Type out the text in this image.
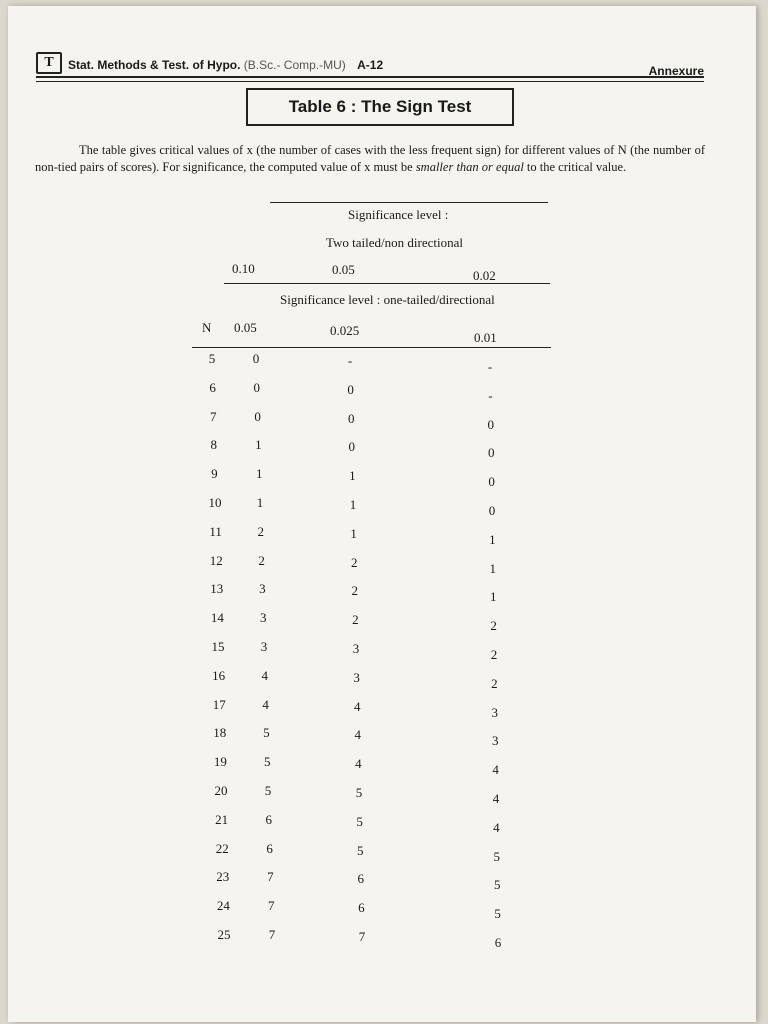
T	Stat. Methods & Test. of Hypo. (B.Sc.- Comp.-MU) A-12	Annexure
Table 6 : The Sign Test

The table gives critical values of x (the number of cases with the less frequent sign) for different values of N (the number of non-tied pairs of scores). For significance, the computed value of x must be smaller than or equal to the critical value.

Significance level :
Two tailed/non directional
0.10	0.05	0.02
Significance level : one-tailed/directional
N 0.05	0.025	0.01
5	0	-	-
6	0	0	-
7	0	0	0
8	1	0	0
9	1	1	0
10	1	1	0
11	2	1	1
12	2	2	1
13	3	2	1
14	3	2	2
15	3	3	2
16	4	3	2
17	4	4	3
18	5	4	3
19	5	4	4
20	5	5	4
21	6	5	4
22	6	5	5
23	7	6	5
24	7	6	5
25	7	7	6
